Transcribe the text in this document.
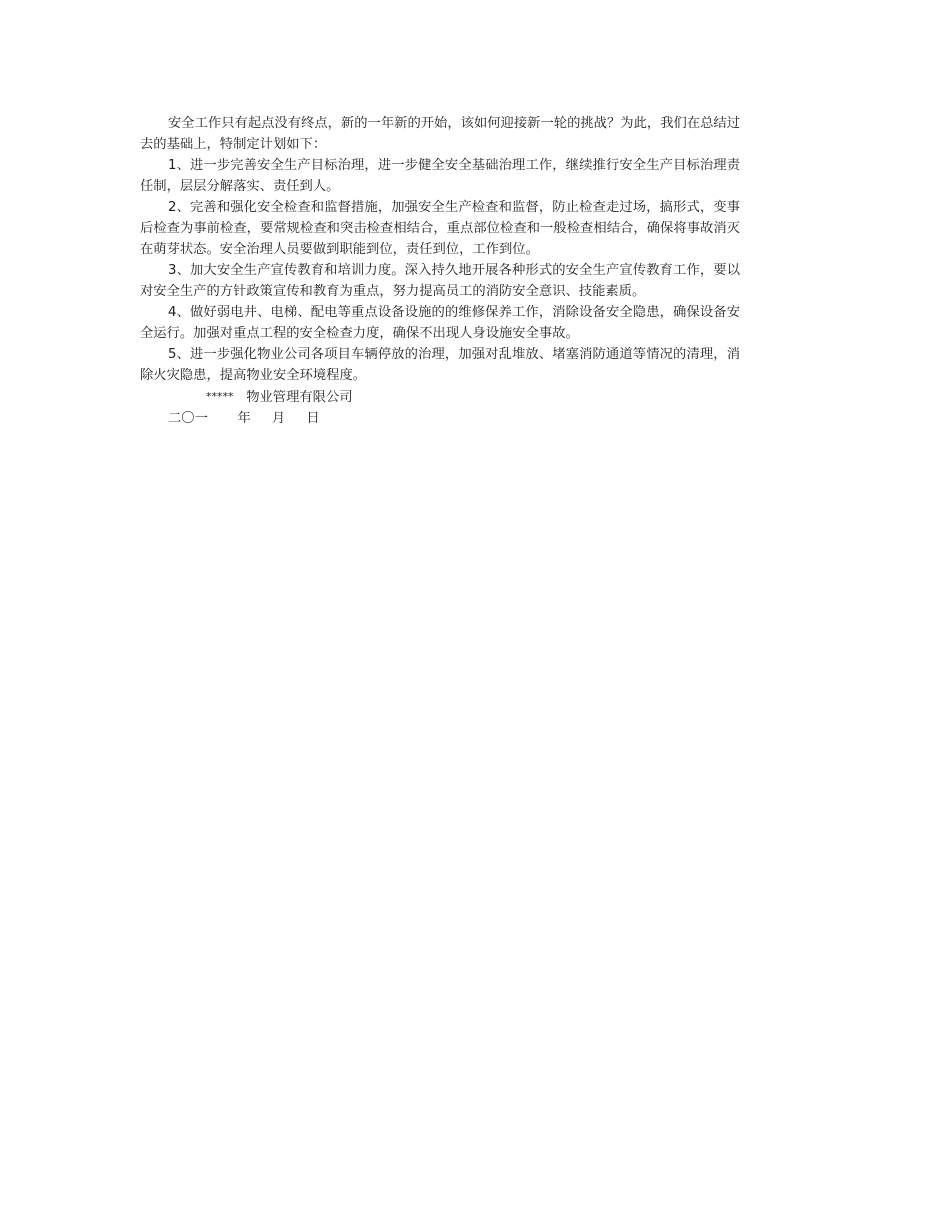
安全工作只有起点没有终点，新的一年新的开始，该如何迎接新一轮的挑战？为此，我们在总结过去的基础上，特制定计划如下：

1、进一步完善安全生产目标治理，进一步健全安全基础治理工作，继续推行安全生产目标治理责任制，层层分解落实、责任到人。

2、完善和强化安全检查和监督措施，加强安全生产检查和监督，防止检查走过场，搞形式，变事后检查为事前检查，要常规检查和突击检查相结合，重点部位检查和一般检查相结合，确保将事故消灭在萌芽状态。安全治理人员要做到职能到位，责任到位，工作到位。

3、加大安全生产宣传教育和培训力度。深入持久地开展各种形式的安全生产宣传教育工作，要以对安全生产的方针政策宣传和教育为重点，努力提高员工的消防安全意识、技能素质。

4、做好弱电井、电梯、配电等重点设备设施的的维修保养工作，消除设备安全隐患，确保设备安全运行。加强对重点工程的安全检查力度，确保不出现人身设施安全事故。

5、进一步强化物业公司各项目车辆停放的治理，加强对乱堆放、堵塞消防通道等情况的清理，消除火灾隐患，提高物业安全环境程度。

***** 物业管理有限公司

二〇一 年 月 日
